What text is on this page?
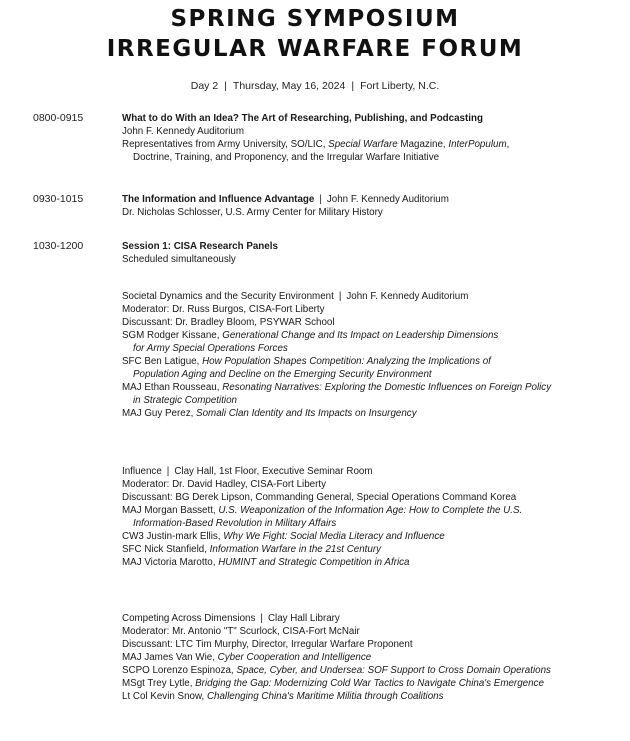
SPRING SYMPOSIUM
IRREGULAR WARFARE FORUM
Day 2 | Thursday, May 16, 2024 | Fort Liberty, N.C.
0800-0915	What to do With an Idea? The Art of Researching, Publishing, and Podcasting
John F. Kennedy Auditorium
Representatives from Army University, SO/LIC, Special Warfare Magazine, InterPopulum,
Doctrine, Training, and Proponency, and the Irregular Warfare Initiative
0930-1015	The Information and Influence Advantage | John F. Kennedy Auditorium
Dr. Nicholas Schlosser, U.S. Army Center for Military History
1030-1200	Session 1: CISA Research Panels
Scheduled simultaneously
Societal Dynamics and the Security Environment | John F. Kennedy Auditorium
Moderator: Dr. Russ Burgos, CISA-Fort Liberty
Discussant: Dr. Bradley Bloom, PSYWAR School
SGM Rodger Kissane, Generational Change and Its Impact on Leadership Dimensions
for Army Special Operations Forces
SFC Ben Latigue, How Population Shapes Competition: Analyzing the Implications of
Population Aging and Decline on the Emerging Security Environment
MAJ Ethan Rousseau, Resonating Narratives: Exploring the Domestic Influences on Foreign Policy
in Strategic Competition
MAJ Guy Perez, Somali Clan Identity and Its Impacts on Insurgency
Influence | Clay Hall, 1st Floor, Executive Seminar Room
Moderator: Dr. David Hadley, CISA-Fort Liberty
Discussant: BG Derek Lipson, Commanding General, Special Operations Command Korea
MAJ Morgan Bassett, U.S. Weaponization of the Information Age: How to Complete the U.S.
Information-Based Revolution in Military Affairs
CW3 Justin-mark Ellis, Why We Fight: Social Media Literacy and Influence
SFC Nick Stanfield, Information Warfare in the 21st Century
MAJ Victoria Marotto, HUMINT and Strategic Competition in Africa
Competing Across Dimensions | Clay Hall Library
Moderator: Mr. Antonio "T" Scurlock, CISA-Fort McNair
Discussant: LTC Tim Murphy, Director, Irregular Warfare Proponent
MAJ James Van Wie, Cyber Cooperation and Intelligence
SCPO Lorenzo Espinoza, Space, Cyber, and Undersea: SOF Support to Cross Domain Operations
MSgt Trey Lytle, Bridging the Gap: Modernizing Cold War Tactics to Navigate China's Emergence
Lt Col Kevin Snow, Challenging China's Maritime Militia through Coalitions
